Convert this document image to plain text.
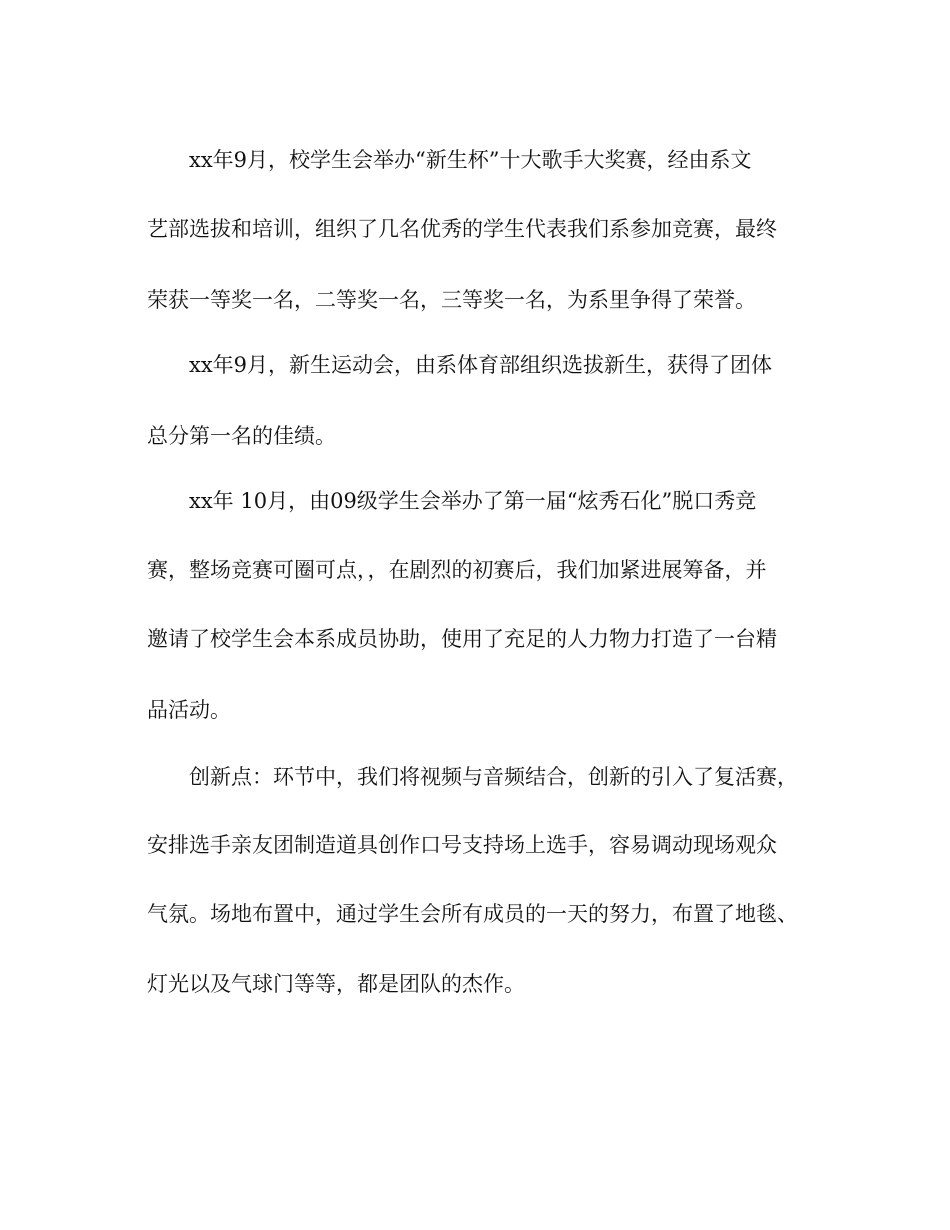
xx年9月，校学生会举办“新生杯”十大歌手大奖赛，经由系文

艺部选拔和培训，组织了几名优秀的学生代表我们系参加竞赛，最终

荣获一等奖一名，二等奖一名，三等奖一名，为系里争得了荣誉。

xx年9月，新生运动会，由系体育部组织选拔新生，获得了团体

总分第一名的佳绩。

xx年 10月，由09级学生会举办了第一届“炫秀石化”脱口秀竞

赛，整场竞赛可圈可点，，在剧烈的初赛后，我们加紧进展筹备，并

邀请了校学生会本系成员协助，使用了充足的人力物力打造了一台精

品活动。

创新点：环节中，我们将视频与音频结合，创新的引入了复活赛，

安排选手亲友团制造道具创作口号支持场上选手，容易调动现场观众

气氛。场地布置中，通过学生会所有成员的一天的努力，布置了地毯、

灯光以及气球门等等，都是团队的杰作。
